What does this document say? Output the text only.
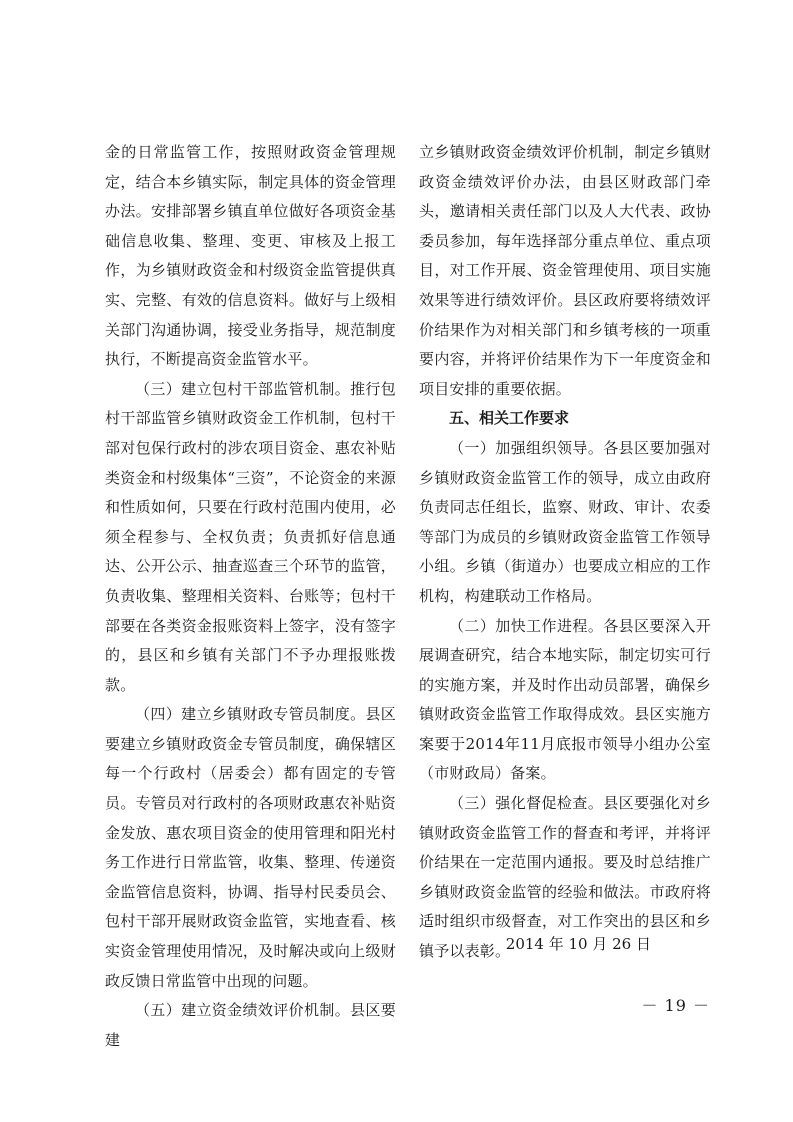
金的日常监管工作，按照财政资金管理规定，结合本乡镇实际，制定具体的资金管理办法。安排部署乡镇直单位做好各项资金基础信息收集、整理、变更、审核及上报工作，为乡镇财政资金和村级资金监管提供真实、完整、有效的信息资料。做好与上级相关部门沟通协调，接受业务指导，规范制度执行，不断提高资金监管水平。

（三）建立包村干部监管机制。推行包村干部监管乡镇财政资金工作机制，包村干部对包保行政村的涉农项目资金、惠农补贴类资金和村级集体“三资”，不论资金的来源和性质如何，只要在行政村范围内使用，必须全程参与、全权负责；负责抓好信息通达、公开公示、抽查巡查三个环节的监管，负责收集、整理相关资料、台账等；包村干部要在各类资金报账资料上签字，没有签字的，县区和乡镇有关部门不予办理报账拨款。

（四）建立乡镇财政专管员制度。县区要建立乡镇财政资金专管员制度，确保辖区每一个行政村（居委会）都有固定的专管员。专管员对行政村的各项财政惠农补贴资金发放、惠农项目资金的使用管理和阳光村务工作进行日常监管，收集、整理、传递资金监管信息资料，协调、指导村民委员会、包村干部开展财政资金监管，实地查看、核实资金管理使用情况，及时解决或向上级财政反馈日常监管中出现的问题。

（五）建立资金绩效评价机制。县区要建

立乡镇财政资金绩效评价机制，制定乡镇财政资金绩效评价办法，由县区财政部门牵头，邀请相关责任部门以及人大代表、政协委员参加，每年选择部分重点单位、重点项目，对工作开展、资金管理使用、项目实施效果等进行绩效评价。县区政府要将绩效评价结果作为对相关部门和乡镇考核的一项重要内容，并将评价结果作为下一年度资金和项目安排的重要依据。

五、相关工作要求

（一）加强组织领导。各县区要加强对乡镇财政资金监管工作的领导，成立由政府负责同志任组长，监察、财政、审计、农委等部门为成员的乡镇财政资金监管工作领导小组。乡镇（街道办）也要成立相应的工作机构，构建联动工作格局。

（二）加快工作进程。各县区要深入开展调查研究，结合本地实际，制定切实可行的实施方案，并及时作出动员部署，确保乡镇财政资金监管工作取得成效。县区实施方案要于2014年11月底报市领导小组办公室（市财政局）备案。

（三）强化督促检查。县区要强化对乡镇财政资金监管工作的督查和考评，并将评价结果在一定范围内通报。要及时总结推广乡镇财政资金监管的经验和做法。市政府将适时组织市级督查，对工作突出的县区和乡镇予以表彰。

2014 年 10 月 26 日
－ 19 －
